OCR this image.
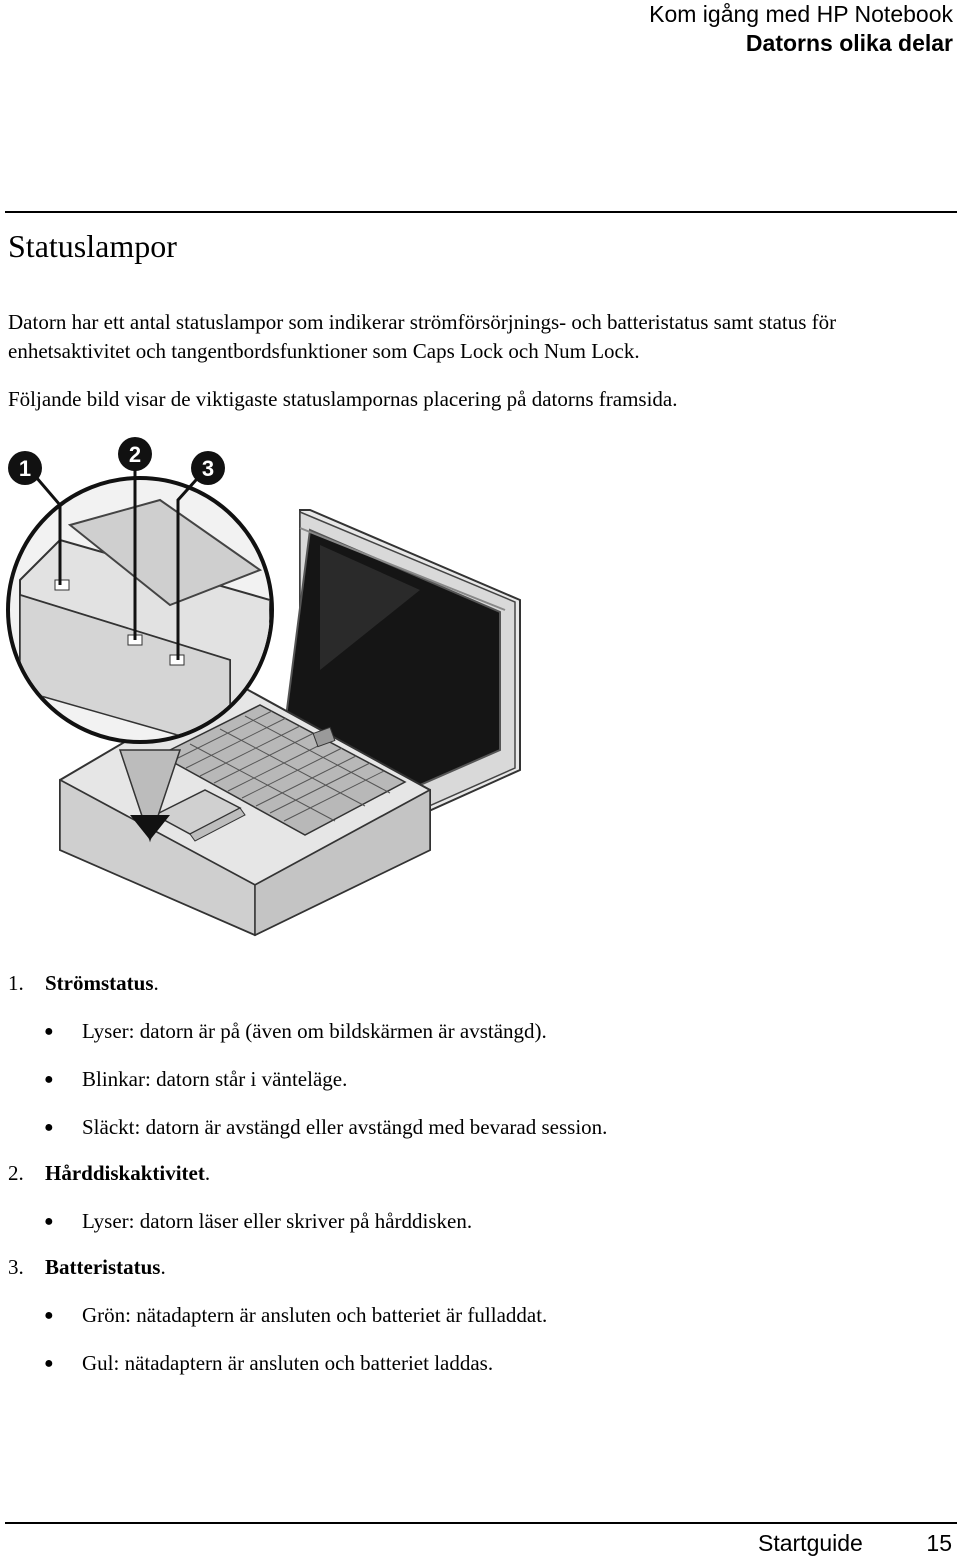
Kom igång med HP Notebook
Datorns olika delar
Statuslampor
Datorn har ett antal statuslampor som indikerar strömförsörjnings- och batteristatus samt status för enhetsaktivitet och tangentbordsfunktioner som Caps Lock och Num Lock.
Följande bild visar de viktigaste statuslampornas placering på datorns framsida.
1
2
3
1. Strömstatus.
● Lyser: datorn är på (även om bildskärmen är avstängd).
● Blinkar: datorn står i vänteläge.
● Släckt: datorn är avstängd eller avstängd med bevarad session.
2. Hårddiskaktivitet.
● Lyser: datorn läser eller skriver på hårddisken.
3. Batteristatus.
● Grön: nätadaptern är ansluten och batteriet är fulladdat.
● Gul: nätadaptern är ansluten och batteriet laddas.
Startguide	15
